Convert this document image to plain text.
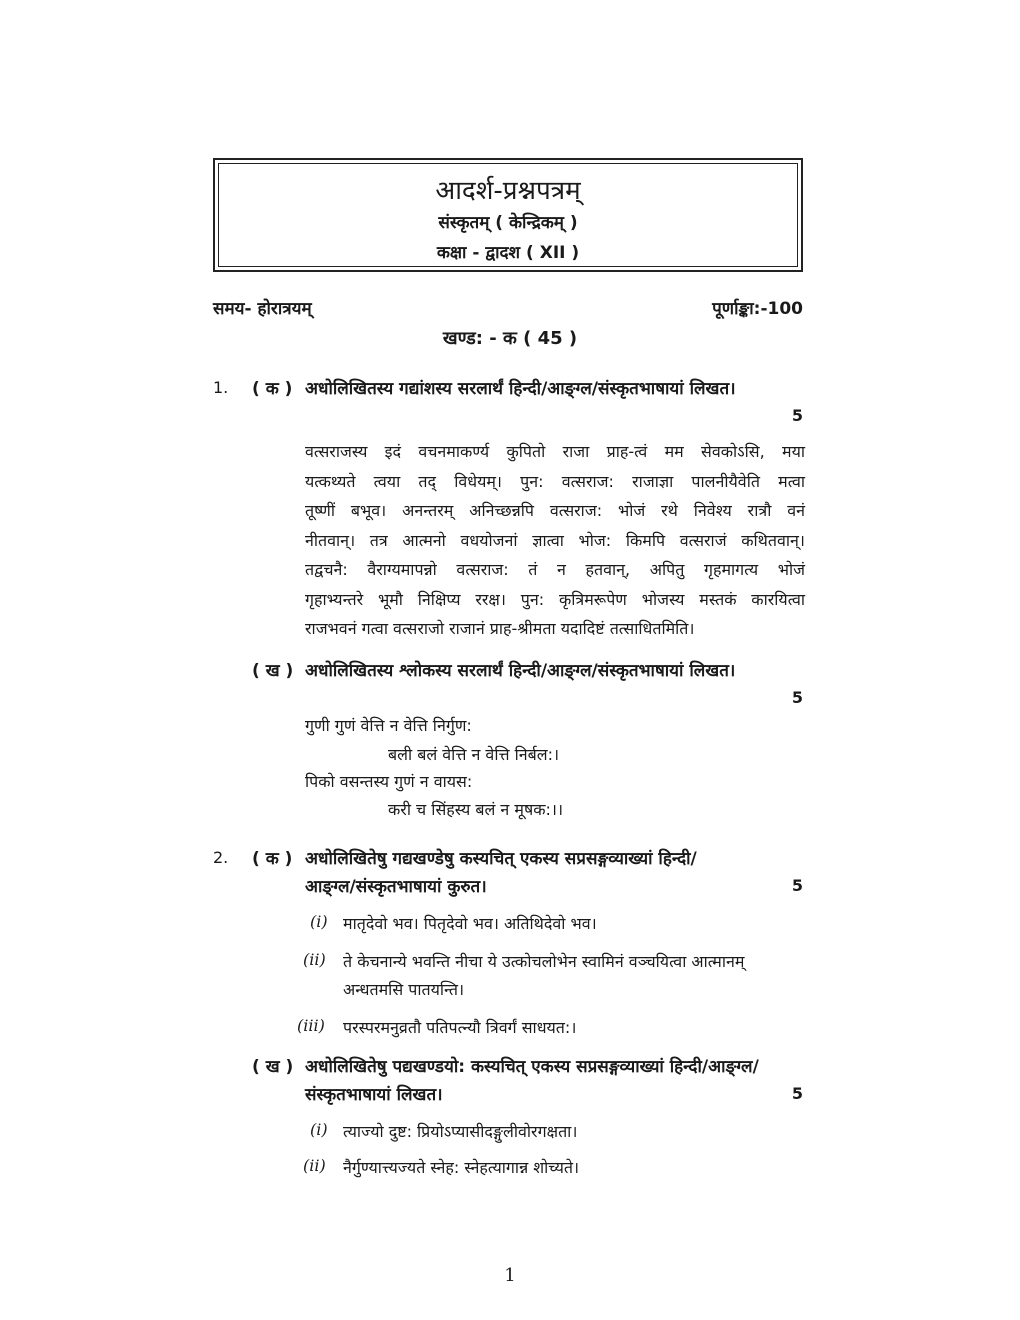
आदर्श-प्रश्नपत्रम्
संस्कृतम् ( केन्द्रिकम् )
कक्षा - द्वादश ( XII )
समय- होरात्रयम्	पूर्णाङ्का:-100
खण्ड: - क ( 45 )
1. ( क ) अधोलिखितस्य गद्यांशस्य सरलार्थं हिन्दी/आङ्ग्ल/संस्कृतभाषायां लिखत।
5

वत्सराजस्य इदं वचनमाकर्ण्य कुपितो राजा प्राह-त्वं मम सेवकोऽसि, मया

यत्कथ्यते त्वया तद् विधेयम्। पुन: वत्सराज: राजाज्ञा पालनीयैवेति मत्वा

तूष्णीं बभूव। अनन्तरम् अनिच्छन्नपि वत्सराज: भोजं रथे निवेश्य रात्रौ वनं

नीतवान्। तत्र आत्मनो वधयोजनां ज्ञात्वा भोज: किमपि वत्सराजं कथितवान्।

तद्वचनै: वैराग्यमापन्नो वत्सराज: तं न हतवान्, अपितु गृहमागत्य भोजं

गृहाभ्यन्तरे भूमौ निक्षिप्य ररक्ष। पुन: कृत्रिमरूपेण भोजस्य मस्तकं कारयित्वा

राजभवनं गत्वा वत्सराजो राजानं प्राह-श्रीमता यदादिष्टं तत्साधितमिति।

( ख ) अधोलिखितस्य श्लोकस्य सरलार्थं हिन्दी/आङ्ग्ल/संस्कृतभाषायां लिखत।
5
गुणी गुणं वेत्ति न वेत्ति निर्गुण:
बली बलं वेत्ति न वेत्ति निर्बल:।
पिको वसन्तस्य गुणं न वायस:
करी च सिंहस्य बलं न मूषक:।।
2. ( क ) अधोलिखितेषु गद्यखण्डेषु कस्यचित् एकस्य सप्रसङ्गव्याख्यां हिन्दी/
आङ्ग्ल/संस्कृतभाषायां कुरुत।	5
(i) मातृदेवो भव। पितृदेवो भव। अतिथिदेवो भव।
(ii)	ते केचनान्ये भवन्ति नीचा ये उत्कोचलोभेन स्वामिनं वञ्चयित्वा आत्मानम्
अन्धतमसि पातयन्ति।
(iii)	परस्परमनुव्रतौ पतिपत्न्यौ त्रिवर्गं साधयत:।
( ख ) अधोलिखितेषु पद्यखण्डयो: कस्यचित् एकस्य सप्रसङ्गव्याख्यां हिन्दी/आङ्ग्ल/
संस्कृतभाषायां लिखत।	5
(i) त्याज्यो दुष्ट: प्रियोऽप्यासीदङ्गुलीवोरगक्षता।
(ii)	नैर्गुण्यात्त्यज्यते स्नेह: स्नेहत्यागान्न शोच्यते।
1
